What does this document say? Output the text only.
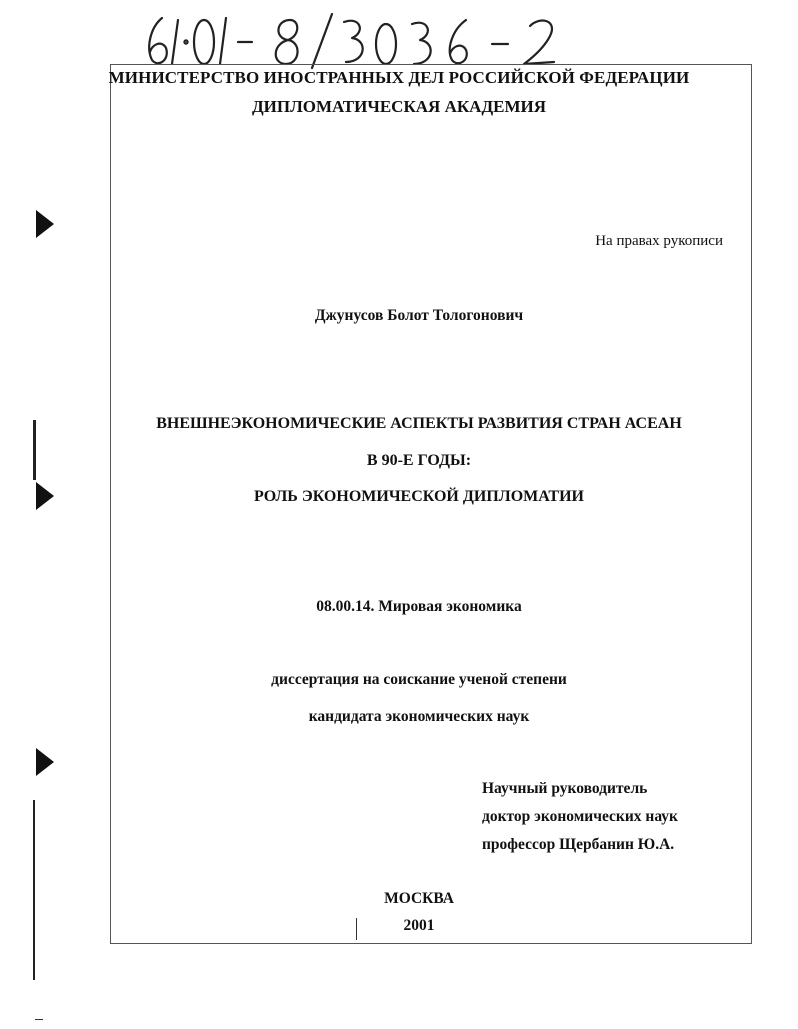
МИНИСТЕРСТВО ИНОСТРАННЫХ ДЕЛ РОССИЙСКОЙ ФЕДЕРАЦИИ
ДИПЛОМАТИЧЕСКАЯ АКАДЕМИЯ
На правах рукописи
Джунусов Болот Тологонович
ВНЕШНЕЭКОНОМИЧЕСКИЕ АСПЕКТЫ РАЗВИТИЯ СТРАН АСЕАН
В 90-Е ГОДЫ:
РОЛЬ ЭКОНОМИЧЕСКОЙ ДИПЛОМАТИИ
08.00.14. Мировая экономика
диссертация на соискание ученой степени
кандидата экономических наук
Научный руководитель
доктор экономических наук
профессор Щербанин Ю.А.
МОСКВА
2001
